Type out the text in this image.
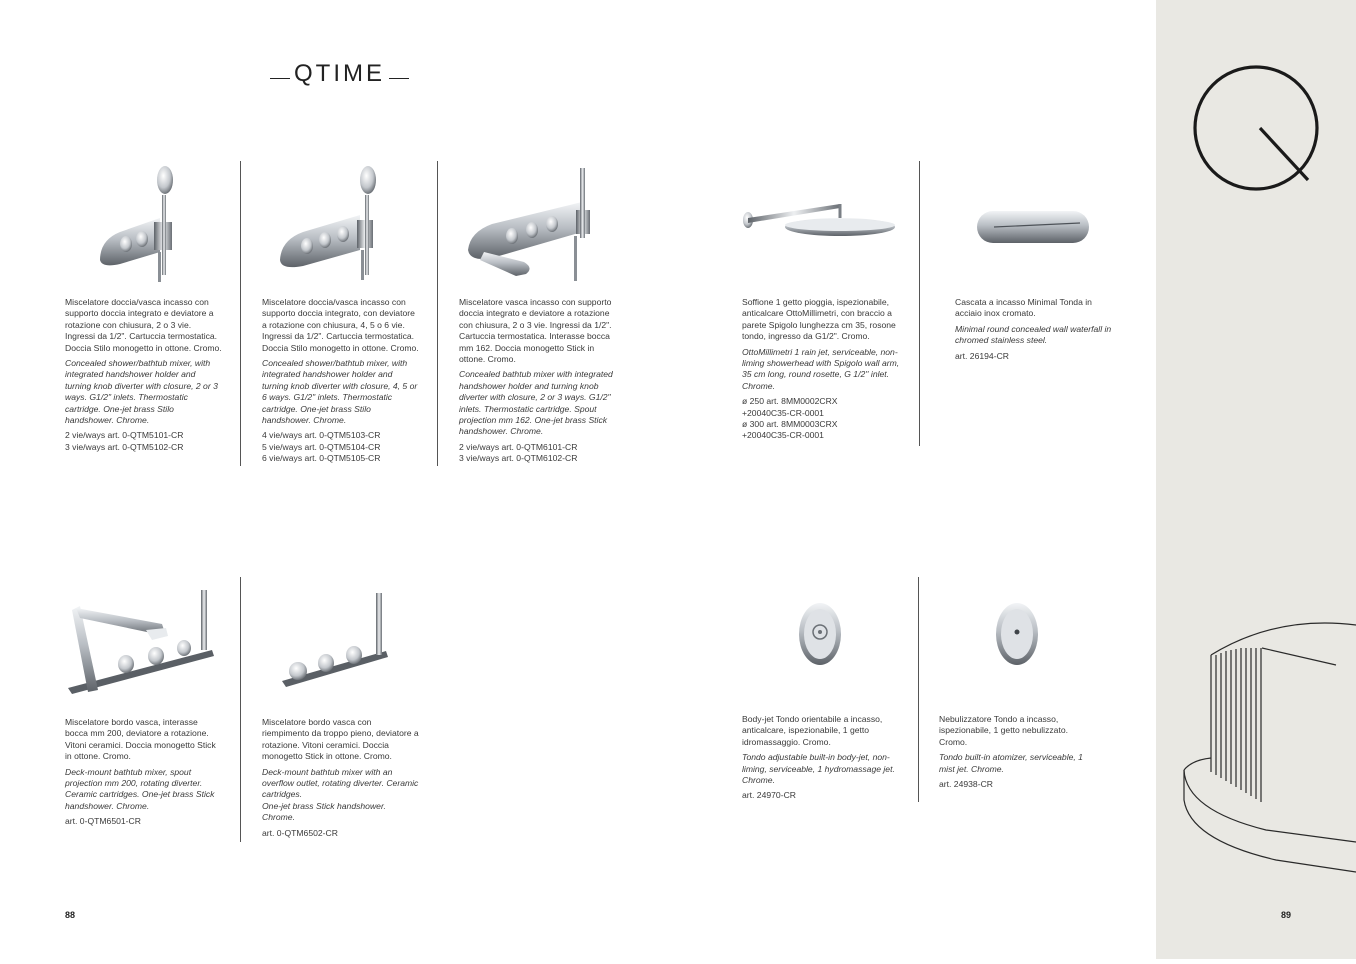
QTIME

Miscelatore doccia/vasca incasso con supporto doccia integrato e deviatore a rotazione con chiusura, 2 o 3 vie. Ingressi da 1/2". Cartuccia termostatica. Doccia Stilo monogetto in ottone. Cromo.

Concealed shower/bathtub mixer, with integrated handshower holder and turning knob diverter with closure, 2 or 3 ways. G1/2" inlets. Thermostatic cartridge. One-jet brass Stilo handshower. Chrome.

2 vie/ways art. 0-QTM5101-CR
3 vie/ways art. 0-QTM5102-CR

Miscelatore doccia/vasca incasso con supporto doccia integrato, con deviatore a rotazione con chiusura, 4, 5 o 6 vie. Ingressi da 1/2". Cartuccia termostatica. Doccia Stilo monogetto in ottone. Cromo.

Concealed shower/bathtub mixer, with integrated handshower holder and turning knob diverter with closure, 4, 5 or 6 ways. G1/2" inlets. Thermostatic cartridge. One-jet brass Stilo handshower. Chrome.

4 vie/ways art. 0-QTM5103-CR
5 vie/ways art. 0-QTM5104-CR
6 vie/ways art. 0-QTM5105-CR

Miscelatore vasca incasso con supporto doccia integrato e deviatore a rotazione con chiusura, 2 o 3 vie. Ingressi da 1/2". Cartuccia termostatica. Interasse bocca mm 162. Doccia monogetto Stick in ottone. Cromo.

Concealed bathtub mixer with integrated handshower holder and turning knob diverter with closure, 2 or 3 ways. G1/2" inlets. Thermostatic cartridge. Spout projection mm 162. One-jet brass Stick handshower. Chrome.

2 vie/ways art. 0-QTM6101-CR
3 vie/ways art. 0-QTM6102-CR

Soffione 1 getto pioggia, ispezionabile, anticalcare OttoMillimetri, con braccio a parete Spigolo lunghezza cm 35, rosone tondo, ingresso da G1/2". Cromo.

OttoMillimetri 1 rain jet, serviceable, non-liming showerhead with Spigolo wall arm, 35 cm long, round rosette, G 1/2'' inlet. Chrome.

ø 250 art. 8MM0002CRX
+20040C35-CR-0001
ø 300 art. 8MM0003CRX
+20040C35-CR-0001

Cascata a incasso Minimal Tonda in acciaio inox cromato.

Minimal round concealed wall waterfall in chromed stainless steel.

art. 26194-CR

Miscelatore bordo vasca, interasse bocca mm 200, deviatore a rotazione. Vitoni ceramici. Doccia monogetto Stick in ottone. Cromo.

Deck-mount bathtub mixer, spout projection mm 200, rotating diverter. Ceramic cartridges. One-jet brass Stick handshower. Chrome.

art. 0-QTM6501-CR

Miscelatore bordo vasca con riempimento da troppo pieno, deviatore a rotazione. Vitoni ceramici. Doccia monogetto Stick in ottone. Cromo.

Deck-mount bathtub mixer with an overflow outlet, rotating diverter. Ceramic cartridges.
One-jet brass Stick handshower.
Chrome.

art. 0-QTM6502-CR

Body-jet Tondo orientabile a incasso, anticalcare, ispezionabile, 1 getto idromassaggio. Cromo.

Tondo adjustable built-in body-jet, non-liming, serviceable, 1 hydromassage jet. Chrome.

art. 24970-CR

Nebulizzatore Tondo a incasso, ispezionabile, 1 getto nebulizzato. Cromo.

Tondo built-in atomizer, serviceable, 1 mist jet. Chrome.

art. 24938-CR
88	89
